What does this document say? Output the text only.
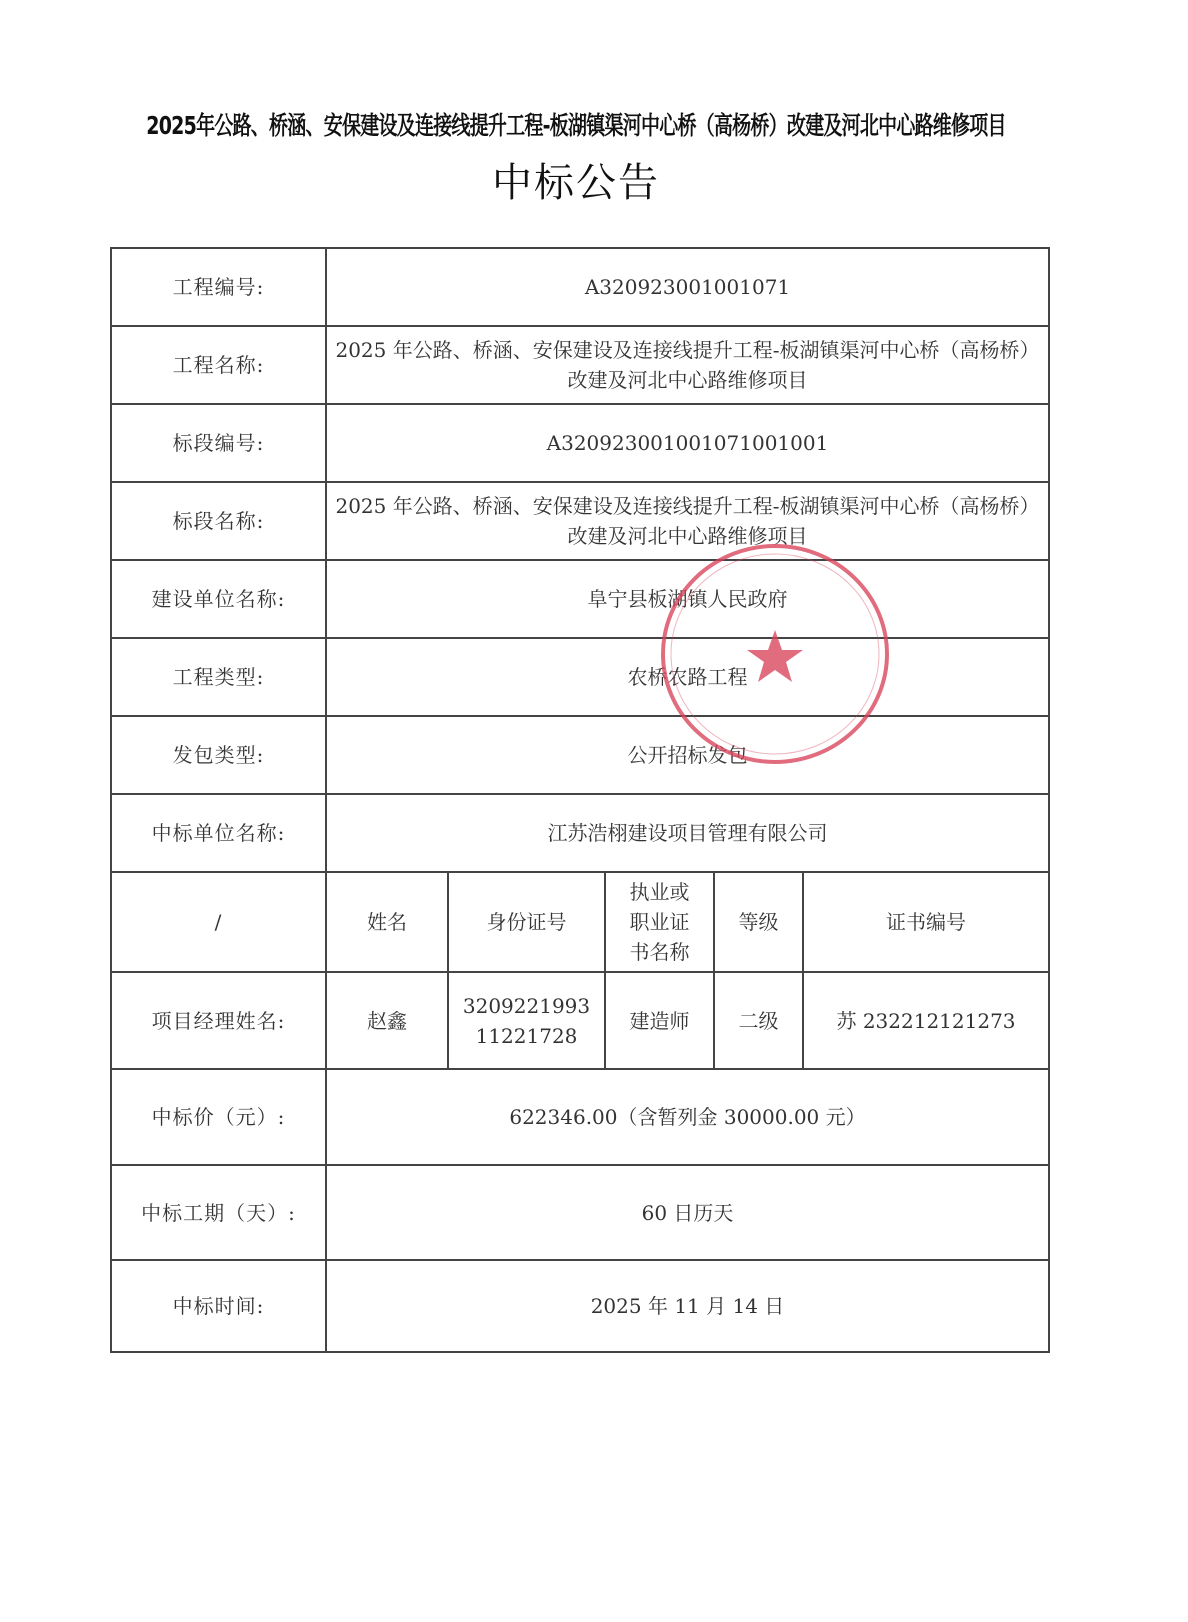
2025年公路、桥涵、安保建设及连接线提升工程-板湖镇渠河中心桥（高杨桥）改建及河北中心路维修项目
中标公告
工程编号:	A320923001001071				
工程名称:	2025 年公路、桥涵、安保建设及连接线提升工程-板湖镇渠河中心桥（高杨桥）改建及河北中心路维修项目				
标段编号:	A320923001001071001001				
标段名称:	2025 年公路、桥涵、安保建设及连接线提升工程-板湖镇渠河中心桥（高杨桥）改建及河北中心路维修项目				
建设单位名称:	阜宁县板湖镇人民政府				
工程类型:	农桥农路工程				
发包类型:	公开招标发包				
中标单位名称:	江苏浩栩建设项目管理有限公司				
/	姓名	身份证号	执业或职业证书名称	等级	证书编号
项目经理姓名:	赵鑫	320922199311221728	建造师	二级	苏 232212121273
中标价（元）:	622346.00（含暂列金 30000.00 元）				
中标工期（天）:	60 日历天				
中标时间:	2025 年 11 月 14 日				
